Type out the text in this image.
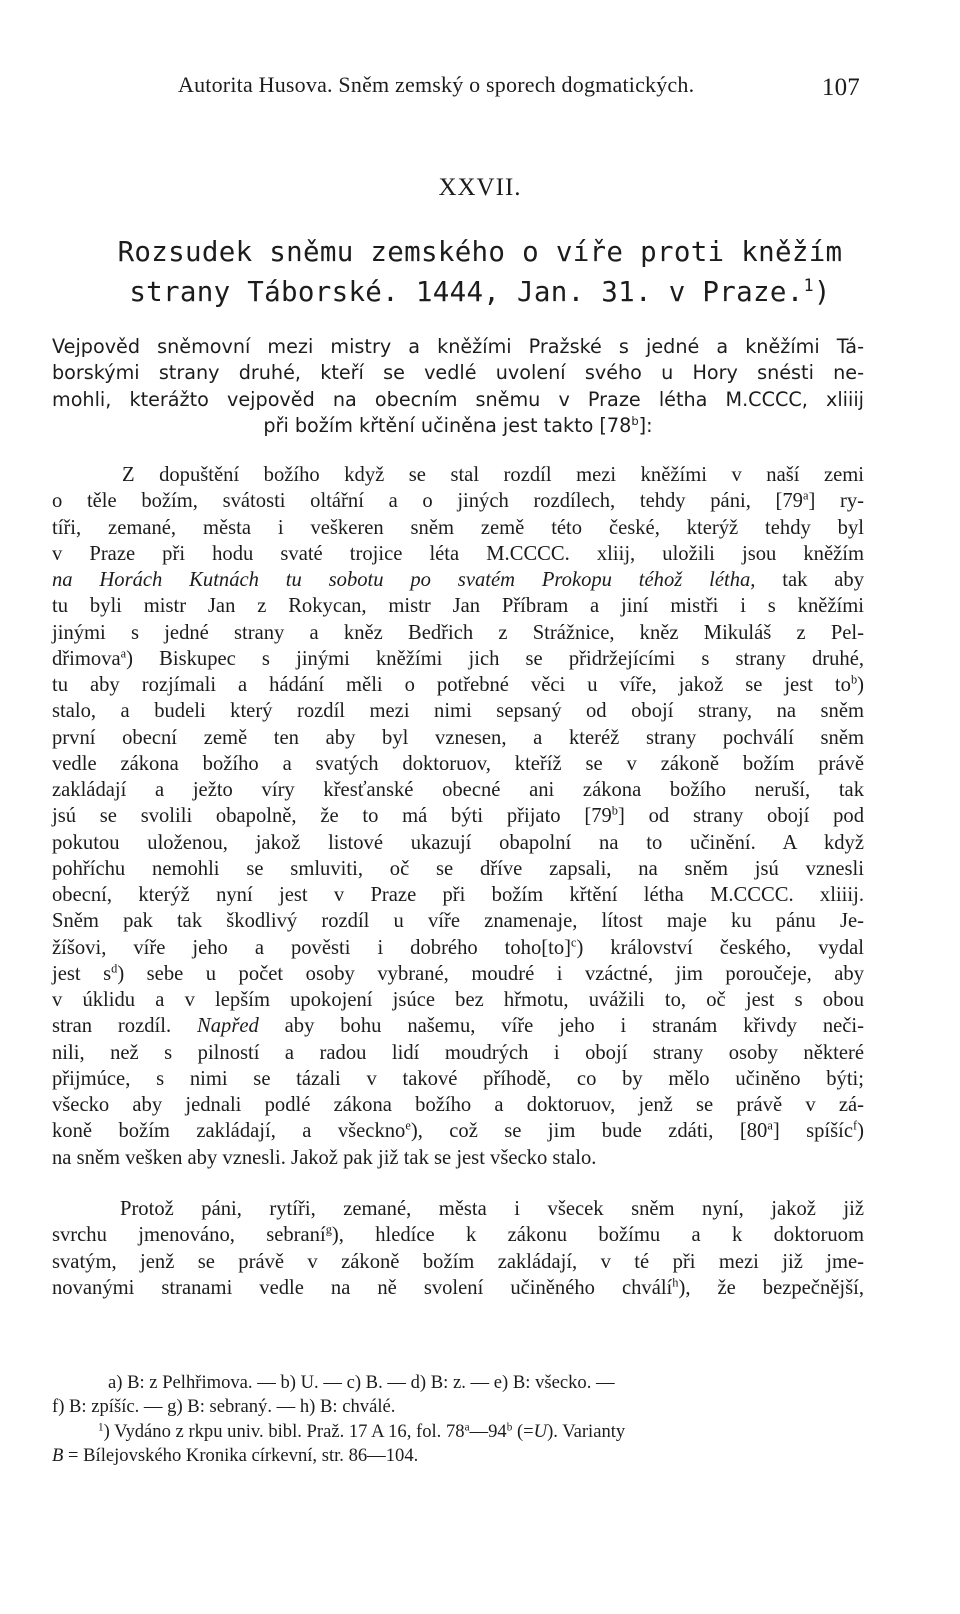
Autorita Husova. Sněm zemský o sporech dogmatických.	107
XXVII.
Rozsudek sněmu zemského o víře proti kněžím
strany Táborské. 1444, Jan. 31. v Praze.$^1$)
Vejpověd sněmovní mezi mistry a kněžími Pražské s jedné a kněžími Tá-
borskými strany druhé, kteří se vedlé uvolení svého u Hory snésti ne-
mohli, kterážto vejpověd na obecním sněmu v Praze létha M.CCCC, xliiij
při božím křtění učiněna jest takto [78$^b$]:
Z dopuštění božího když se stal rozdíl mezi kněžími v naší zemi
o těle božím, svátosti oltářní a o jiných rozdílech, tehdy páni, [79$^a$] ry-
tíři, zemané, města i veškeren sněm země této české, kterýž tehdy byl
v Praze při hodu svaté trojice léta M.CCCC. xliij, uložili jsou kněžím
na Horách Kutnách tu sobotu po svatém Prokopu téhož létha, tak aby
tu byli mistr Jan z Rokycan, mistr Jan Příbram a jiní mistři i s kněžími
jinými s jedné strany a kněz Bedřich z Strážnice, kněz Mikuláš z Pel-
dřimova$^a$) Biskupec s jinými kněžími jich se přidržejícími s strany druhé,
tu aby rozjímali a hádání měli o potřebné věci u víře, jakož se jest $to^b$)
stalo, a budeli který rozdíl mezi nimi sepsaný od obojí strany, na sněm
první obecní země ten aby byl vznesen, a kteréž strany pochválí sněm
vedle zákona božího a svatých doktoruov, kteříž se v zákoně božím právě
zakládají a ježto víry křesťanské obecné ani zákona božího neruší, tak
jsú se svolili obapolně, že to má býti přijato [79$^b$] od strany obojí pod
pokutou uloženou, jakož listové ukazují obapolní na to učinění. A když
pohříchu nemohli se smluviti, oč se dříve zapsali, na sněm jsú vznesli
obecní, kterýž nyní jest v Praze při božím křtění létha M.CCCC. xliiij.
Sněm pak tak škodlivý rozdíl u víře znamenaje, lítost maje ku pánu Je-
žíšovi, víře jeho a pověsti i dobrého toho[to]$^c$) království českého, vydal
jest $s^d$) sebe u počet osoby vybrané, moudré i vzáctné, jim poroučeje, aby
v úklidu a v lepším upokojení jsúce bez hřmotu, uvážili to, oč jest s obou
stran rozdíl. Napřed aby bohu našemu, víře jeho i stranám křivdy neči-
nili, než s pilností a radou lidí moudrých i obojí strany osoby některé
přijmúce, s nimi se tázali v takové příhodě, co by mělo učiněno býti;
všecko aby jednali podlé zákona božího a doktoruov, jenž se právě v zá-
koně božím zakládají, a všeckno$^e$), což se jim bude zdáti, [80$^a$] spíšíc$^f$)
na sněm vešken aby vznesli. Jakož pak již tak se jest všecko stalo.
Protož páni, rytíři, zemané, města i všecek sněm nyní, jakož již
svrchu jmenováno, sebraní$^g$), hledíce k zákonu božímu a k doktoruom
svatým, jenž se právě v zákoně božím zakládají, v té při mezi již jme-
novanými stranami vedle na ně svolení učiněného chválí$^h$), že bezpečnější,
a) B: z Pelhřimova. — b) U. — c) B. — d) B: z. — e) B: všecko. —
f) B: zpíšíc. — g) B: sebraný. — h) B: chválé.
$^1$) Vydáno z rkpu univ. bibl. Praž. 17 A 16, fol. 78$^a$—94$^b$ (=U). Varianty
B = Bílejovského Kronika církevní, str. 86—104.
